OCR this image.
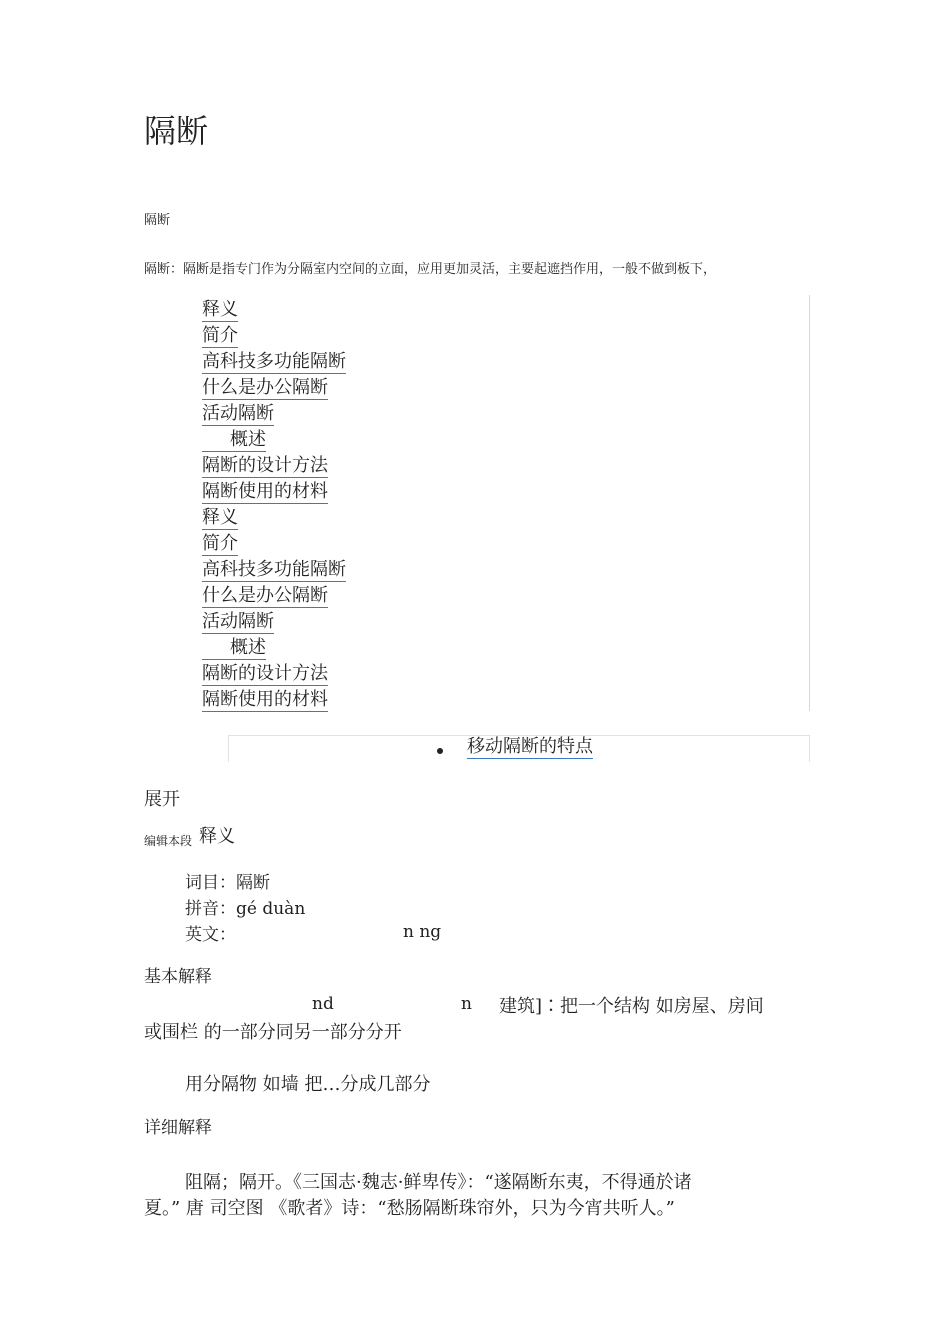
隔断
隔断
隔断：隔断是指专门作为分隔室内空间的立面，应用更加灵活，主要起遮挡作用，一般不做到板下，
释义
简介
高科技多功能隔断
什么是办公隔断
活动隔断
概述
隔断的设计方法
隔断使用的材料
释义
简介
高科技多功能隔断
什么是办公隔断
活动隔断
概述
隔断的设计方法
隔断使用的材料
移动隔断的特点
展开
编辑本段 释义
词目：隔断
拼音：gé duàn
英文：	n ng
基本解释
nd	n 建筑]∶把一个结构 如房屋、房间
或围栏 的一部分同另一部分分开
用分隔物 如墙 把…分成几部分
详细解释
阻隔；隔开。《三国志·魏志·鲜卑传》：“遂隔断东夷，不得通於诸
夏。” 唐 司空图 《歌者》诗：“愁肠隔断珠帘外，只为今宵共听人。”
